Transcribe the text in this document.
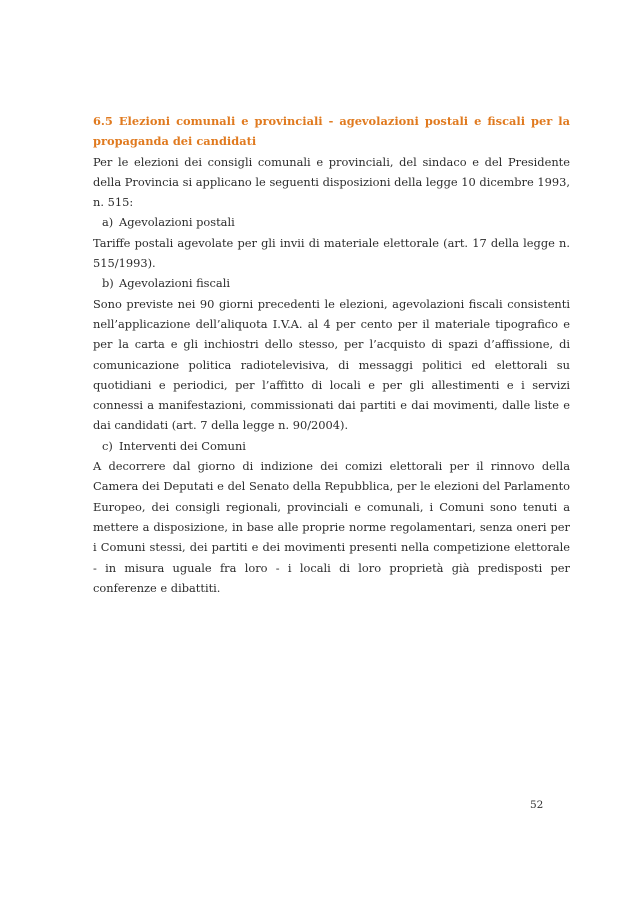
6.5 Elezioni comunali e provinciali - agevolazioni postali e fiscali per la propaganda dei candidati

Per le elezioni dei consigli comunali e provinciali, del sindaco e del Presidente della Provincia si applicano le seguenti disposizioni della legge 10 dicembre 1993, n. 515:

a) Agevolazioni postali

Tariffe postali agevolate per gli invii di materiale elettorale (art. 17 della legge n. 515/1993).

b) Agevolazioni fiscali

Sono previste nei 90 giorni precedenti le elezioni, agevolazioni fiscali consistenti nell’applicazione dell’aliquota I.V.A. al 4 per cento per il materiale tipografico e per la carta e gli inchiostri dello stesso, per l’acquisto di spazi d’affissione, di comunicazione politica radiotelevisiva, di messaggi politici ed elettorali su quotidiani e periodici, per l’affitto di locali e per gli allestimenti e i servizi connessi a manifestazioni, commissionati dai partiti e dai movimenti, dalle liste e dai candidati (art. 7 della legge n. 90/2004).

c) Interventi dei Comuni

A decorrere dal giorno di indizione dei comizi elettorali per il rinnovo della Camera dei Deputati e del Senato della Repubblica, per le elezioni del Parlamento Europeo, dei consigli regionali, provinciali e comunali, i Comuni sono tenuti a mettere a disposizione, in base alle proprie norme regolamentari, senza oneri per i Comuni stessi, dei partiti e dei movimenti presenti nella competizione elettorale - in misura uguale fra loro - i locali di loro proprietà già predisposti per conferenze e dibattiti.

52
